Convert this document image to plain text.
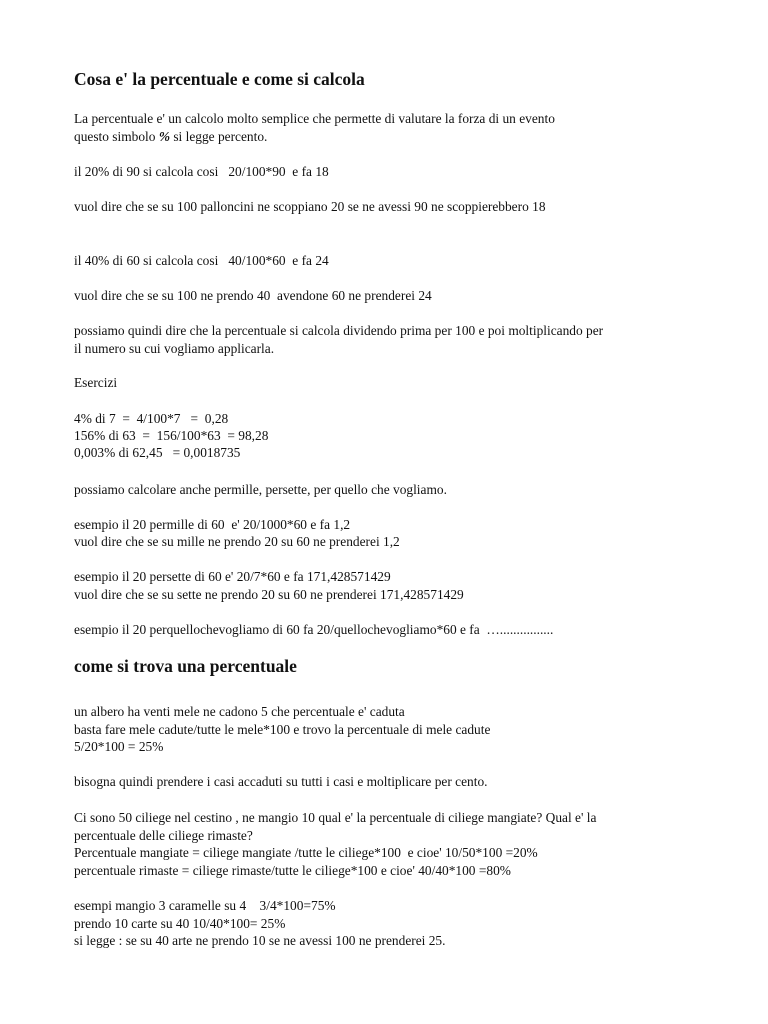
Cosa e' la percentuale e come si calcola
La percentuale e' un calcolo molto semplice che permette di valutare la forza di un evento
questo simbolo % si legge percento.
il 20% di 90 si calcola cosi   20/100*90  e fa 18
vuol dire che se su 100 palloncini ne scoppiano 20 se ne avessi 90 ne scoppierebbero 18
il 40% di 60 si calcola cosi   40/100*60  e fa 24
vuol dire che se su 100 ne prendo 40  avendone 60 ne prenderei 24
possiamo quindi dire che la percentuale si calcola dividendo prima per 100 e poi moltiplicando per
il numero su cui vogliamo applicarla.
Esercizi
4% di 7  =  4/100*7   =  0,28
156% di 63  =  156/100*63  = 98,28
0,003% di 62,45   = 0,0018735
possiamo calcolare anche permille, persette, per quello che vogliamo.
esempio il 20 permille di 60  e' 20/1000*60 e fa 1,2
vuol dire che se su mille ne prendo 20 su 60 ne prenderei 1,2
esempio il 20 persette di 60 e' 20/7*60 e fa 171,428571429
vuol dire che se su sette ne prendo 20 su 60 ne prenderei 171,428571429
esempio il 20 perquellochevogliamo di 60 fa 20/quellochevogliamo*60 e fa  …................
come si trova una percentuale
un albero ha venti mele ne cadono 5 che percentuale e' caduta
basta fare mele cadute/tutte le mele*100 e trovo la percentuale di mele cadute
5/20*100 = 25%
bisogna quindi prendere i casi accaduti su tutti i casi e moltiplicare per cento.
Ci sono 50 ciliege nel cestino , ne mangio 10 qual e' la percentuale di ciliege mangiate? Qual e' la
percentuale delle ciliege rimaste?
Percentuale mangiate = ciliege mangiate /tutte le ciliege*100  e cioe' 10/50*100 =20%
percentuale rimaste = ciliege rimaste/tutte le ciliege*100 e cioe' 40/40*100 =80%
esempi mangio 3 caramelle su 4    3/4*100=75%
prendo 10 carte su 40 10/40*100= 25%
si legge : se su 40 arte ne prendo 10 se ne avessi 100 ne prenderei 25.
